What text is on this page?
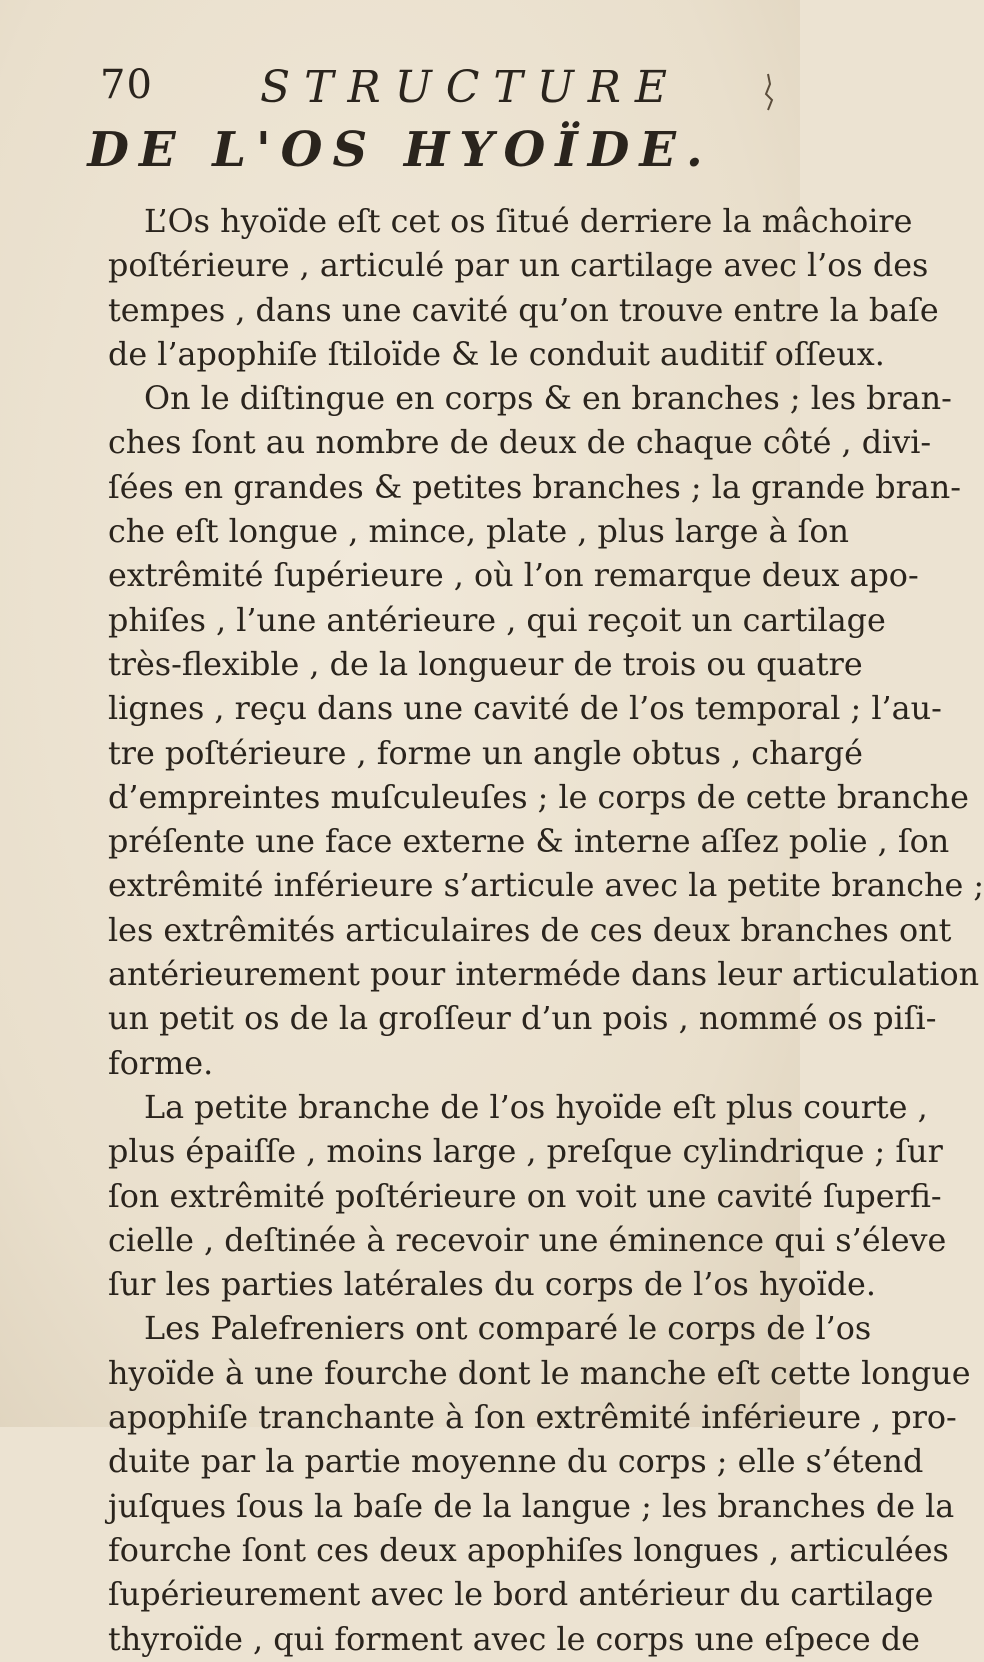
70 STRUCTURE
DE L'OS HYOÏDE.
L’Os hyoïde eſt cet os ſitué derriere la mâchoire
poſtérieure , articulé par un cartilage avec l’os des
tempes , dans une cavité qu’on trouve entre la baſe
de l’apophiſe ſtiloïde & le conduit auditif oſſeux.
On le diſtingue en corps & en branches ; les bran-
ches ſont au nombre de deux de chaque côté , divi-
ſées en grandes & petites branches ; la grande bran-
che eſt longue , mince, plate , plus large à ſon
extrêmité ſupérieure , où l’on remarque deux apo-
phiſes , l’une antérieure , qui reçoit un cartilage
très-flexible , de la longueur de trois ou quatre
lignes , reçu dans une cavité de l’os temporal ; l’au-
tre poſtérieure , forme un angle obtus , chargé
d’empreintes muſculeuſes ; le corps de cette branche
préſente une face externe & interne aſſez polie , ſon
extrêmité inférieure s’articule avec la petite branche ;
les extrêmités articulaires de ces deux branches ont
antérieurement pour interméde dans leur articulation
un petit os de la groſſeur d’un pois , nommé os piſi-
forme.
La petite branche de l’os hyoïde eſt plus courte ,
plus épaiſſe , moins large , preſque cylindrique ; ſur
ſon extrêmité poſtérieure on voit une cavité ſuperfi-
cielle , deſtinée à recevoir une éminence qui s’éleve
ſur les parties latérales du corps de l’os hyoïde.
Les Palefreniers ont comparé le corps de l’os
hyoïde à une fourche dont le manche eſt cette longue
apophiſe tranchante à ſon extrêmité inférieure , pro-
duite par la partie moyenne du corps ; elle s’étend
juſques ſous la baſe de la langue ; les branches de la
fourche ſont ces deux apophiſes longues , articulées
ſupérieurement avec le bord antérieur du cartilage
thyroïde , qui forment avec le corps une eſpece de
